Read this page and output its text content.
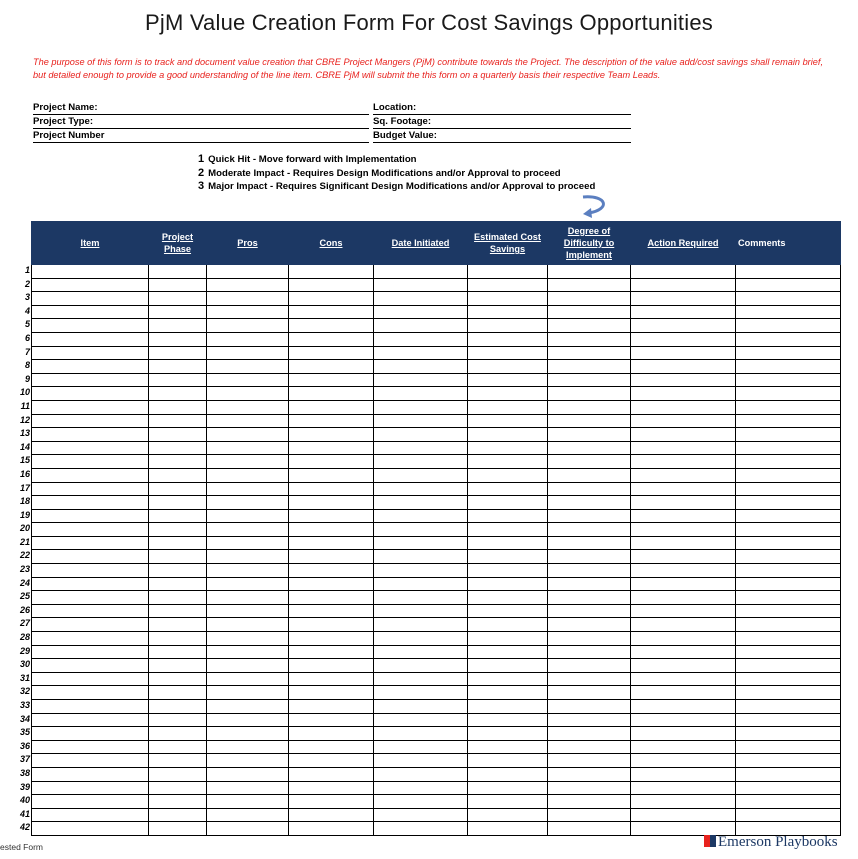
PjM Value Creation Form For Cost Savings Opportunities
The purpose of this form is to track and document value creation that CBRE Project Mangers (PjM) contribute towards the Project. The description of the value add/cost savings shall remain brief, but detailed enough to provide a good understanding of the line item. CBRE PjM will submit the this form on a quarterly basis their respective Team Leads.
Project Name:
Project Type:
Project Number
Location:
Sq. Footage:
Budget Value:
1 Quick Hit - Move forward with Implementation
2 Moderate Impact - Requires Design Modifications and/or Approval to proceed
3 Major Impact - Requires Significant Design Modifications and/or Approval to proceed
1
2
3
4
5
6
7
8
9
10
11
12
13
14
15
16
17
18
19
20
21
22
23
24
25
26
27
28
29
30
31
32
33
34
35
36
37
38
39
40
41
42
Item	Project Phase	Pros	Cons	Date Initiated	Estimated Cost Savings	Degree of Difficulty to Implement	Action Required	Comments

ested Form	Emerson Playbooks
